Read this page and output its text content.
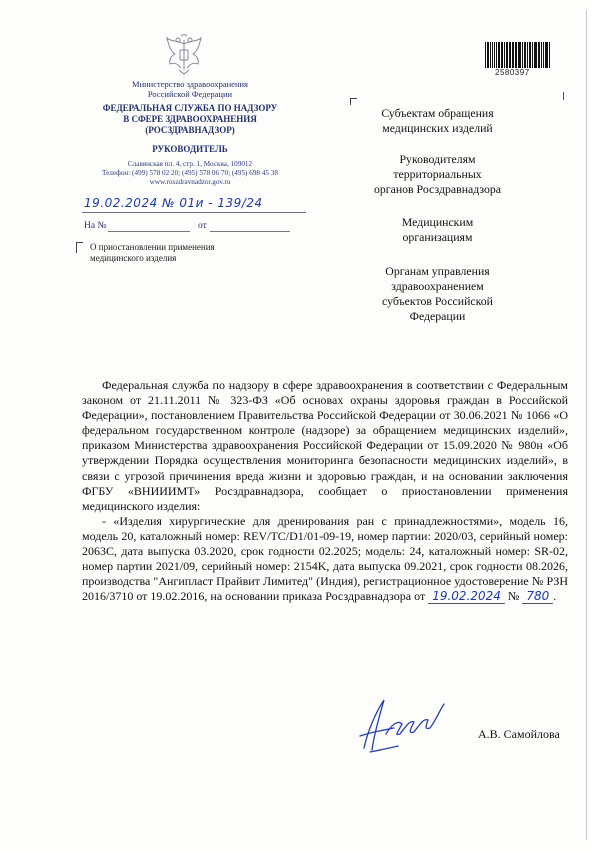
2580397
Министерство здравоохранения
Российской Федерации
ФЕДЕРАЛЬНАЯ СЛУЖБА ПО НАДЗОРУ
В СФЕРЕ ЗДРАВООХРАНЕНИЯ
(РОСЗДРАВНАДЗОР)
РУКОВОДИТЕЛЬ
Славянская пл. 4, стр. 1, Москва, 109012
Телефон: (499) 578 02 20; (495) 578 06 70; (495) 698 45 38
www.roszdravnadzor.gov.ru
19.02.2024 № 01и - 139/24
На №	от
О приостановлении применения
медицинского изделия
Субъектам обращения
медицинских изделий
Руководителям
территориальных
органов Росздравнадзора
Медицинским
организациям
Органам управления
здравоохранением
субъектов Российской
Федерации

Федеральная служба по надзору в сфере здравоохранения в соответствии с Федеральным законом от 21.11.2011 № 323-ФЗ «Об основах охраны здоровья граждан в Российской Федерации», постановлением Правительства Российской Федерации от 30.06.2021 № 1066 «О федеральном государственном контроле (надзоре) за обращением медицинских изделий», приказом Министерства здравоохранения Российской Федерации от 15.09.2020 № 980н «Об утверждении Порядка осуществления мониторинга безопасности медицинских изделий», в связи с угрозой причинения вреда жизни и здоровью граждан, и на основании заключения ФГБУ «ВНИИИМТ» Росздравнадзора, сообщает о приостановлении применения медицинского изделия:

- «Изделия хирургические для дренирования ран с принадлежностями», модель 16, модель 20, каталожный номер: REV/TC/D1/01-09-19, номер партии: 2020/03, серийный номер: 2063C, дата выпуска 03.2020, срок годности 02.2025; модель: 24, каталожный номер: SR-02, номер партии 2021/09, серийный номер: 2154K, дата выпуска 09.2021, срок годности 08.2026, производства "Ангипласт Прайвит Лимитед" (Индия), регистрационное удостоверение № РЗН 2016/3710 от 19.02.2016, на основании приказа Росздравнадзора от 19.02.2024 № 780 .

А.В. Самойлова
